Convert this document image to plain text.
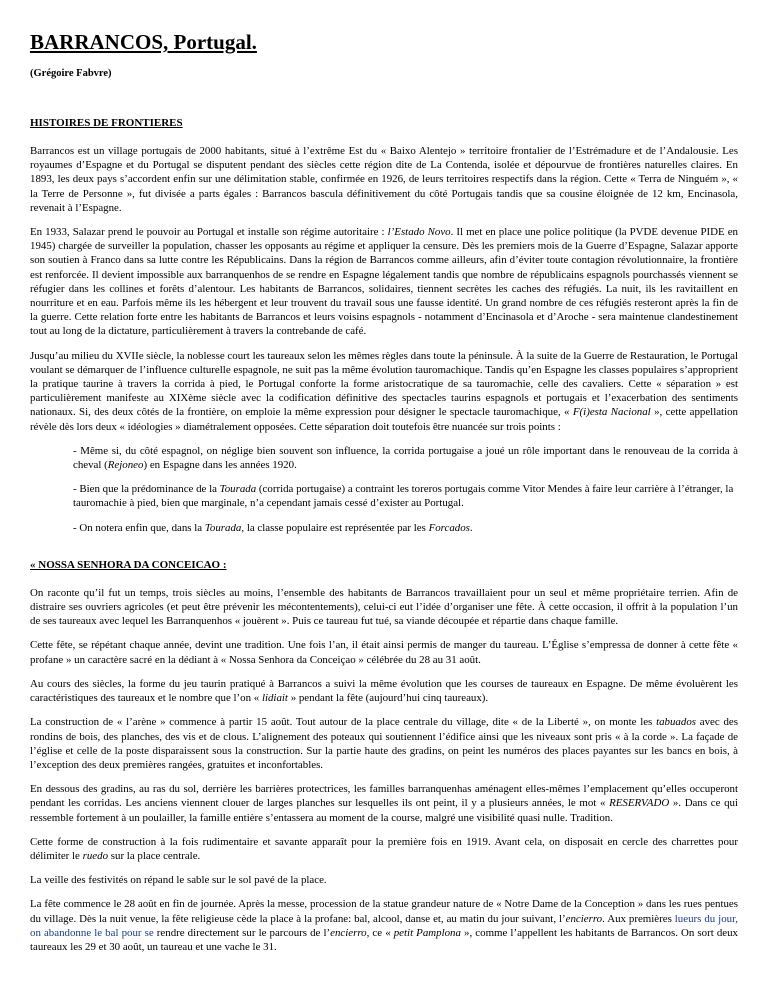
BARRANCOS, Portugal.
(Grégoire Fabvre)
HISTOIRES DE FRONTIERES

Barrancos est un village portugais de 2000 habitants, situé à l’extrême Est du « Baixo Alentejo » territoire frontalier de l’Estrémadure et de l’Andalousie. Les royaumes d’Espagne et du Portugal se disputent pendant des siècles cette région dite de La Contenda, isolée et dépourvue de frontières naturelles claires. En 1893, les deux pays s’accordent enfin sur une délimitation stable, confirmée en 1926, de leurs territoires respectifs dans la région. Cette « Terra de Ninguém », « la Terre de Personne », fut divisée a parts égales : Barrancos bascula définitivement du côté Portugais tandis que sa cousine éloignée de 12 km, Encinasola, revenait à l’Espagne.

En 1933, Salazar prend le pouvoir au Portugal et installe son régime autoritaire : l’Estado Novo. Il met en place une police politique (la PVDE devenue PIDE en 1945) chargée de surveiller la population, chasser les opposants au régime et appliquer la censure. Dès les premiers mois de la Guerre d’Espagne, Salazar apporte son soutien à Franco dans sa lutte contre les Républicains. Dans la région de Barrancos comme ailleurs, afin d’éviter toute contagion révolutionnaire, la frontière est renforcée. Il devient impossible aux barranquenhos de se rendre en Espagne légalement tandis que nombre de républicains espagnols pourchassés viennent se réfugier dans les collines et forêts d’alentour. Les habitants de Barrancos, solidaires, tiennent secrètes les caches des réfugiés. La nuit, ils les ravitaillent en nourriture et en eau. Parfois même ils les hébergent et leur trouvent du travail sous une fausse identité. Un grand nombre de ces réfugiés resteront après la fin de la guerre. Cette relation forte entre les habitants de Barrancos et leurs voisins espagnols - notamment d’Encinasola et d’Aroche - sera maintenue clandestinement tout au long de la dictature, particulièrement à travers la contrebande de café.

Jusqu’au milieu du XVIIe siècle, la noblesse court les taureaux selon les mêmes règles dans toute la péninsule. À la suite de la Guerre de Restauration, le Portugal voulant se démarquer de l’influence culturelle espagnole, ne suit pas la même évolution tauromachique. Tandis qu’en Espagne les classes populaires s’approprient la pratique taurine à travers la corrida à pied, le Portugal conforte la forme aristocratique de sa tauromachie, celle des cavaliers. Cette « séparation » est particulièrement manifeste au XIXème siècle avec la codification définitive des spectacles taurins espagnols et portugais et l’exacerbation des sentiments nationaux. Si, des deux côtés de la frontière, on emploie la même expression pour désigner le spectacle tauromachique, « F(i)esta Nacional », cette appellation révèle dès lors deux « idéologies » diamétralement opposées. Cette séparation doit toutefois être nuancée sur trois points :

- Même si, du côté espagnol, on néglige bien souvent son influence, la corrida portugaise a joué un rôle important dans le renouveau de la corrida à cheval (Rejoneo) en Espagne dans les années 1920.

- Bien que la prédominance de la Tourada (corrida portugaise) a contraint les toreros portugais comme Vitor Mendes à faire leur carrière à l’étranger, la tauromachie à pied, bien que marginale, n’a cependant jamais cessé d’exister au Portugal.

- On notera enfin que, dans la Tourada, la classe populaire est représentée par les Forcados.

« NOSSA SENHORA DA CONCEICAO :

On raconte qu’il fut un temps, trois siècles au moins, l’ensemble des habitants de Barrancos travaillaient pour un seul et même propriétaire terrien. Afin de distraire ses ouvriers agricoles (et peut être prévenir les mécontentements), celui-ci eut l’idée d’organiser une fête. À cette occasion, il offrit à la population l’un de ses taureaux avec lequel les Barranquenhos « jouèrent ». Puis ce taureau fut tué, sa viande découpée et répartie dans chaque famille.

Cette fête, se répétant chaque année, devint une tradition. Une fois l’an, il était ainsi permis de manger du taureau. L’Église s’empressa de donner à cette fête « profane » un caractère sacré en la dédiant à « Nossa Senhora da Conceiçao » célébrée du 28 au 31 août.

Au cours des siècles, la forme du jeu taurin pratiqué à Barrancos a suivi la même évolution que les courses de taureaux en Espagne. De même évoluèrent les caractéristiques des taureaux et le nombre que l’on « lidiait » pendant la fête (aujourd’hui cinq taureaux).

La construction de « l’arène » commence à partir 15 août. Tout autour de la place centrale du village, dite « de la Liberté », on monte les tabuados avec des rondins de bois, des planches, des vis et de clous. L’alignement des poteaux qui soutiennent l’édifice ainsi que les niveaux sont pris « à la corde ». La façade de l’église et celle de la poste disparaissent sous la construction. Sur la partie haute des gradins, on peint les numéros des places payantes sur les bancs en bois, à l’exception des deux premières rangées, gratuites et inconfortables.

En dessous des gradins, au ras du sol, derrière les barrières protectrices, les familles barranquenhas aménagent elles-mêmes l’emplacement qu’elles occuperont pendant les corridas. Les anciens viennent clouer de larges planches sur lesquelles ils ont peint, il y a plusieurs années, le mot « RESERVADO ». Dans ce qui ressemble fortement à un poulailler, la famille entière s’entassera au moment de la course, malgré une visibilité quasi nulle. Tradition.

Cette forme de construction à la fois rudimentaire et savante apparaît pour la première fois en 1919. Avant cela, on disposait en cercle des charrettes pour délimiter le ruedo sur la place centrale.

La veille des festivités on répand le sable sur le sol pavé de la place.

La fête commence le 28 août en fin de journée. Après la messe, procession de la statue grandeur nature de « Notre Dame de la Conception » dans les rues pentues du village. Dès la nuit venue, la fête religieuse cède la place à la profane: bal, alcool, danse et, au matin du jour suivant, l’encierro. Aux premières lueurs du jour, on abandonne le bal pour se rendre directement sur le parcours de l’encierro, ce « petit Pamplona », comme l’appellent les habitants de Barrancos. On sort deux taureaux les 29 et 30 août, un taureau et une vache le 31.
